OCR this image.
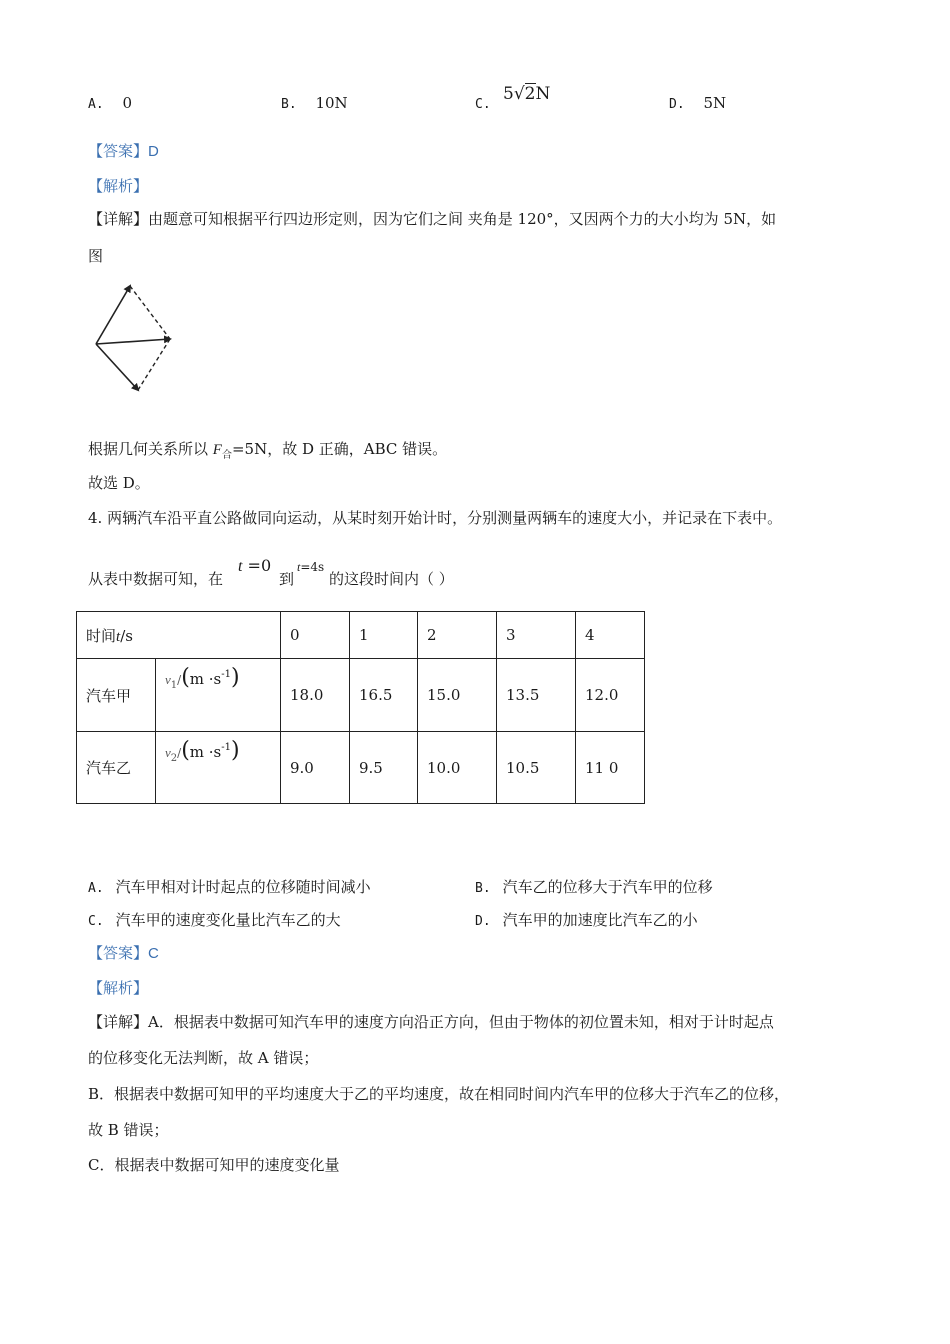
A. 0	B. 10N	C.
5√2N
D. 5N
【答案】D
【解析】
【详解】由题意可知根据平行四边形定则，因为它们之间 夹角是 120°，又因两个力的大小均为 5N，如
图
根据几何关系所以 $F_合=5N$，故 D 正确，ABC 错误。
故选 D。
4. 两辆汽车沿平直公路做同向运动，从某时刻开始计时，分别测量两辆车的速度大小，并记录在下表中。
从表中数据可知，在
t =0
到
t=4s
的这段时间内（ ）
时间t/s		0	1	2	3	4
汽车甲	$v_1/(m \cdot s^{-1})$	18.0	16.5	15.0	13.5	12.0
汽车乙	$v_2/(m \cdot s^{-1})$	9.0	9.5	10.0	10.5	11 0
A. 汽车甲相对计时起点的位移随时间减小	B. 汽车乙的位移大于汽车甲的位移
C. 汽车甲的速度变化量比汽车乙的大	D. 汽车甲的加速度比汽车乙的小
【答案】C
【解析】
【详解】A．根据表中数据可知汽车甲的速度方向沿正方向，但由于物体的初位置未知，相对于计时起点
的位移变化无法判断，故 A 错误；
B．根据表中数据可知甲的平均速度大于乙的平均速度，故在相同时间内汽车甲的位移大于汽车乙的位移，
故 B 错误；
C．根据表中数据可知甲的速度变化量
